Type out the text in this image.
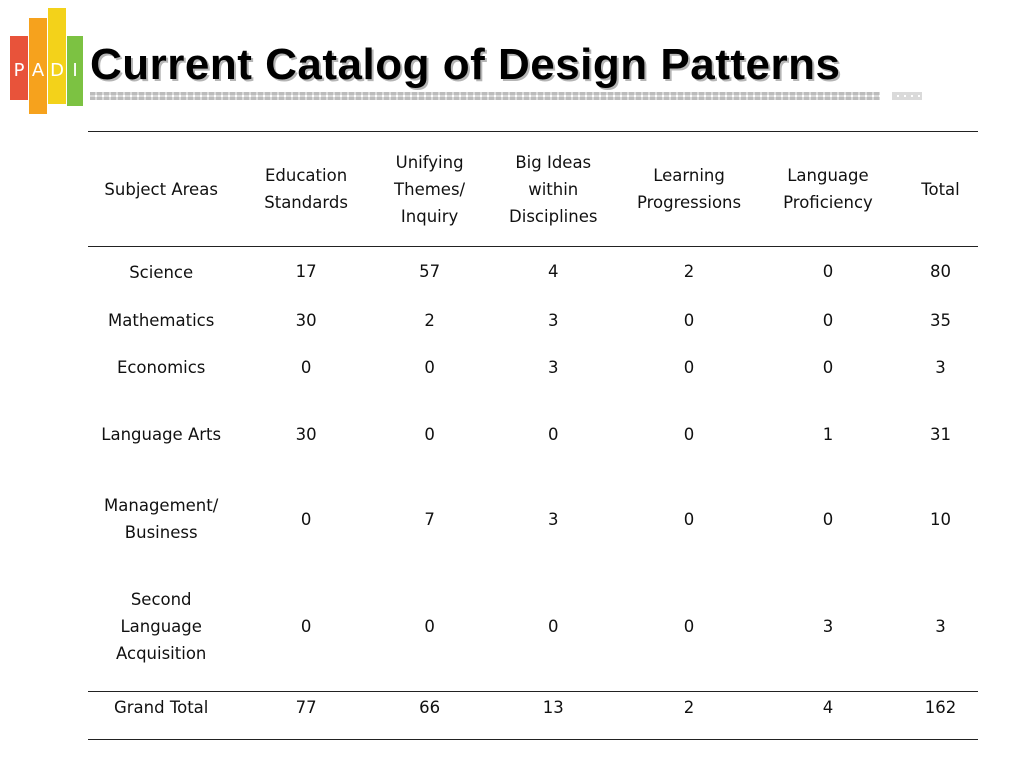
P A D I Current Catalog of Design Patterns
Subject Areas	Education Standards	Unifying Themes/ Inquiry	Big Ideas within Disciplines	Learning Progressions	Language Proficiency	Total
Science	17	57	4	2	0	80
Mathematics	30	2	3	0	0	35
Economics	0	0	3	0	0	3
Language Arts	30	0	0	0	1	31
Management/ Business	0	7	3	0	0	10
Second Language Acquisition	0	0	0	0	3	3
Grand Total	77	66	13	2	4	162
